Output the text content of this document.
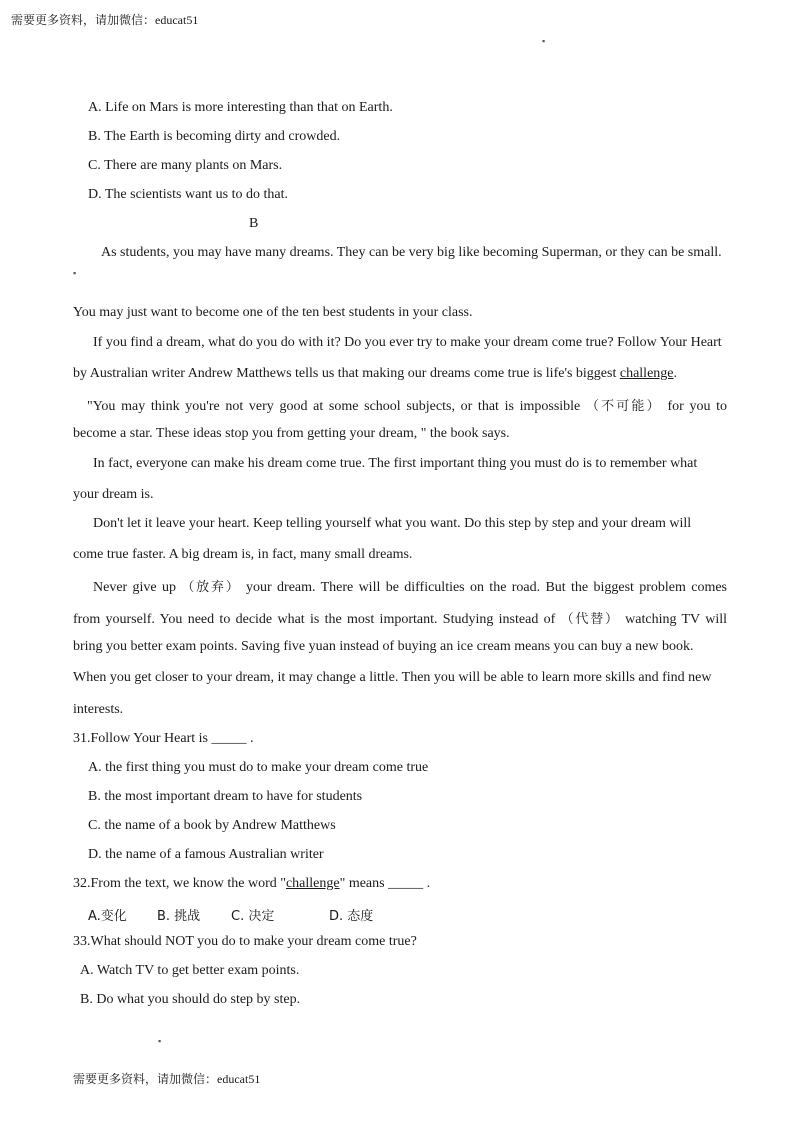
需要更多资料，请加微信：educat51
▪
A. Life on Mars is more interesting than that on Earth.
B. The Earth is becoming dirty and crowded.
C. There are many plants on Mars.
D. The scientists want us to do that.
B
As students, you may have many dreams. They can be very big like becoming Superman, or they can be small.
▪
You may just want to become one of the ten best students in your class.
If you find a dream, what do you do with it? Do you ever try to make your dream come true? Follow Your Heart
by Australian writer Andrew Matthews tells us that making our dreams come true is life's biggest challenge.
"You may think you're not very good at some school subjects, or that is impossible （不可能） for you to
become a star. These ideas stop you from getting your dream, " the book says.
In fact, everyone can make his dream come true. The first important thing you must do is to remember what
your dream is.
Don't let it leave your heart. Keep telling yourself what you want. Do this step by step and your dream will
come true faster. A big dream is, in fact, many small dreams.
Never give up （放弃） your dream. There will be difficulties on the road. But the biggest problem comes
from yourself. You need to decide what is the most important. Studying instead of （代替） watching TV will
bring you better exam points. Saving five yuan instead of buying an ice cream means you can buy a new book.
When you get closer to your dream, it may change a little. Then you will be able to learn more skills and find new
interests.
31.Follow Your Heart is _____ .
A. the first thing you must do to make your dream come true
B. the most important dream to have for students
C. the name of a book by Andrew Matthews
D. the name of a famous Australian writer
32.From the text, we know the word "challenge" means _____ .
A.变化 B. 挑战 C. 决定	D. 态度
33.What should NOT you do to make your dream come true?
A. Watch TV to get better exam points.
B. Do what you should do step by step.
▪
需要更多资料，请加微信：educat51
